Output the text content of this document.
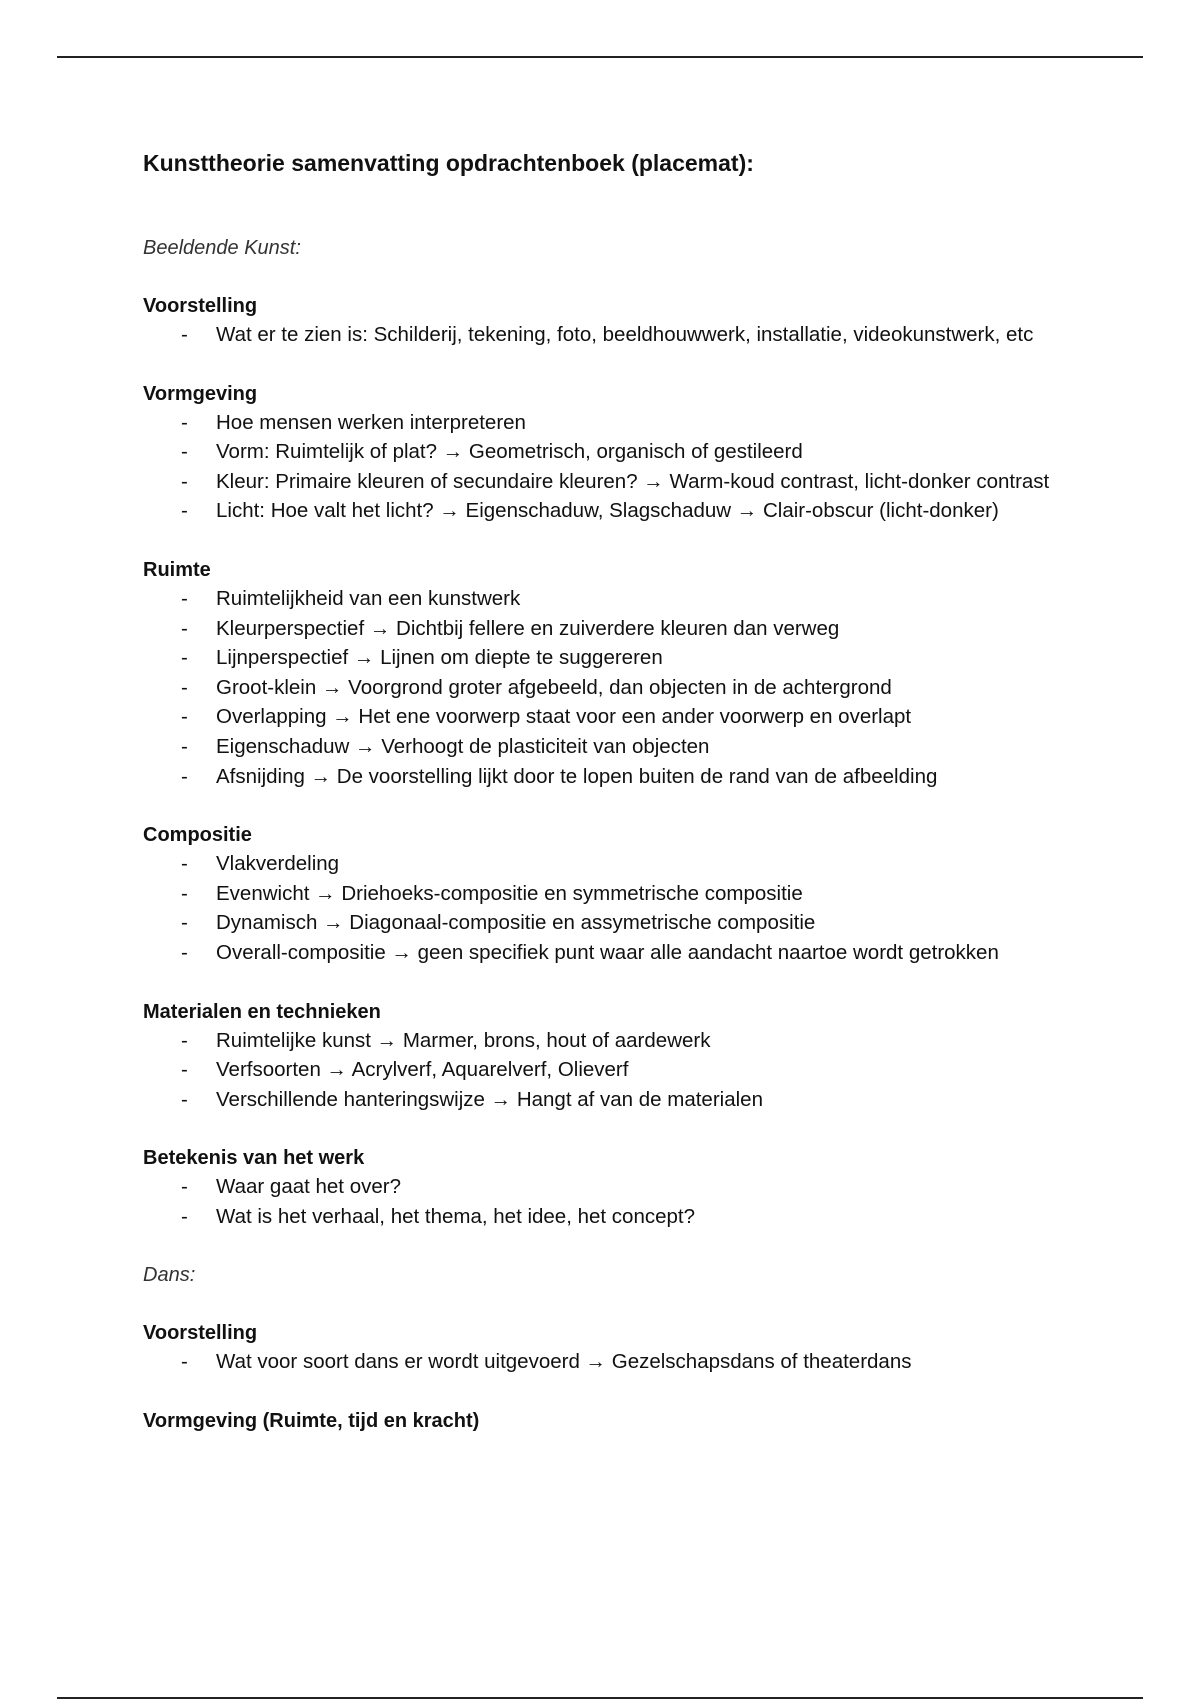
Kunsttheorie samenvatting opdrachtenboek (placemat):
Beeldende Kunst:
Voorstelling
- Wat er te zien is: Schilderij, tekening, foto, beeldhouwwerk, installatie, videokunstwerk, etc
Vormgeving
- Hoe mensen werken interpreteren
- Vorm: Ruimtelijk of plat? → Geometrisch, organisch of gestileerd
- Kleur: Primaire kleuren of secundaire kleuren? → Warm-koud contrast, licht-donker contrast
- Licht: Hoe valt het licht? → Eigenschaduw, Slagschaduw → Clair-obscur (licht-donker)
Ruimte
- Ruimtelijkheid van een kunstwerk
- Kleurperspectief → Dichtbij fellere en zuiverdere kleuren dan verweg
- Lijnperspectief → Lijnen om diepte te suggereren
- Groot-klein → Voorgrond groter afgebeeld, dan objecten in de achtergrond
- Overlapping → Het ene voorwerp staat voor een ander voorwerp en overlapt
- Eigenschaduw → Verhoogt de plasticiteit van objecten
- Afsnijding → De voorstelling lijkt door te lopen buiten de rand van de afbeelding
Compositie
- Vlakverdeling
- Evenwicht → Driehoeks-compositie en symmetrische compositie
- Dynamisch → Diagonaal-compositie en assymetrische compositie
- Overall-compositie → geen specifiek punt waar alle aandacht naartoe wordt getrokken
Materialen en technieken
- Ruimtelijke kunst → Marmer, brons, hout of aardewerk
- Verfsoorten → Acrylverf, Aquarelverf, Olieverf
- Verschillende hanteringswijze → Hangt af van de materialen
Betekenis van het werk
- Waar gaat het over?
- Wat is het verhaal, het thema, het idee, het concept?
Dans:
Voorstelling
- Wat voor soort dans er wordt uitgevoerd → Gezelschapsdans of theaterdans
Vormgeving (Ruimte, tijd en kracht)
